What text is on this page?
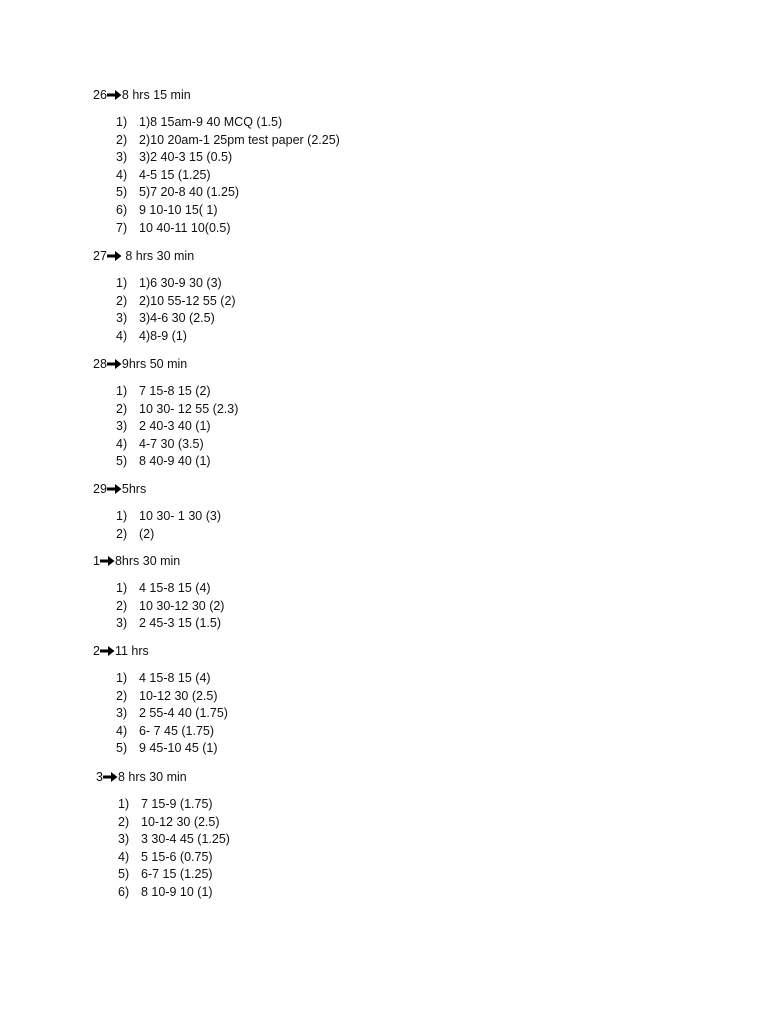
26 8 hrs 15 min
1) 1)8 15am-9 40 MCQ (1.5)
2) 2)10 20am-1 25pm test paper (2.25)
3) 3)2 40-3 15 (0.5)
4) 4-5 15 (1.25)
5) 5)7 20-8 40 (1.25)
6) 9 10-10 15( 1)
7) 10 40-11 10(0.5)
27 8 hrs 30 min
1) 1)6 30-9 30 (3)
2) 2)10 55-12 55 (2)
3) 3)4-6 30 (2.5)
4) 4)8-9 (1)
28 9hrs 50 min
1) 7 15-8 15 (2)
2) 10 30- 12 55 (2.3)
3) 2 40-3 40 (1)
4) 4-7 30 (3.5)
5) 8 40-9 40 (1)
29 5hrs
1) 10 30- 1 30 (3)
2) (2)
1 8hrs 30 min
1) 4 15-8 15 (4)
2) 10 30-12 30 (2)
3) 2 45-3 15 (1.5)
2 11 hrs
1) 4 15-8 15 (4)
2) 10-12 30 (2.5)
3) 2 55-4 40 (1.75)
4) 6- 7 45 (1.75)
5) 9 45-10 45 (1)
3 8 hrs 30 min
1) 7 15-9 (1.75)
2) 10-12 30 (2.5)
3) 3 30-4 45 (1.25)
4) 5 15-6 (0.75)
5) 6-7 15 (1.25)
6) 8 10-9 10 (1)
